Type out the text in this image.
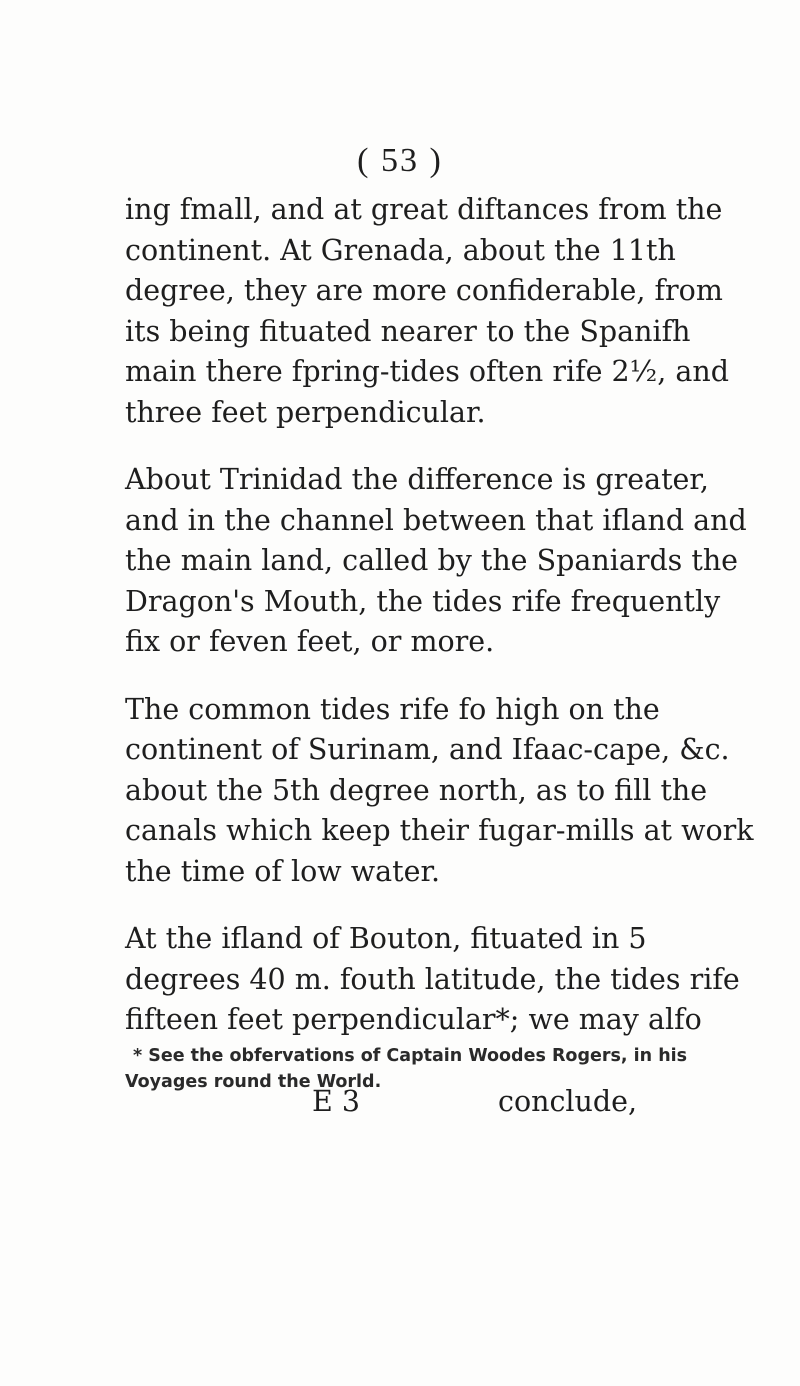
( 53 )
ing fmall, and at great diftances from the
continent. At Grenada, about the 11th
degree, they are more confiderable, from
its being fituated nearer to the Spanifh
main there fpring-tides often rife 2½, and
three feet perpendicular.
About Trinidad the difference is greater,
and in the channel between that ifland and
the main land, called by the Spaniards the
Dragon's Mouth, the tides rife frequently
fix or feven feet, or more.
The common tides rife fo high on the
continent of Surinam, and Ifaac-cape, &c.
about the 5th degree north, as to fill the
canals which keep their fugar-mills at work
the time of low water.
At the ifland of Bouton, fituated in 5
degrees 40 m. fouth latitude, the tides rife
fifteen feet perpendicular*; we may alfo
* See the obfervations of Captain Woodes Rogers, in his
Voyages round the World.
E 3	conclude,
